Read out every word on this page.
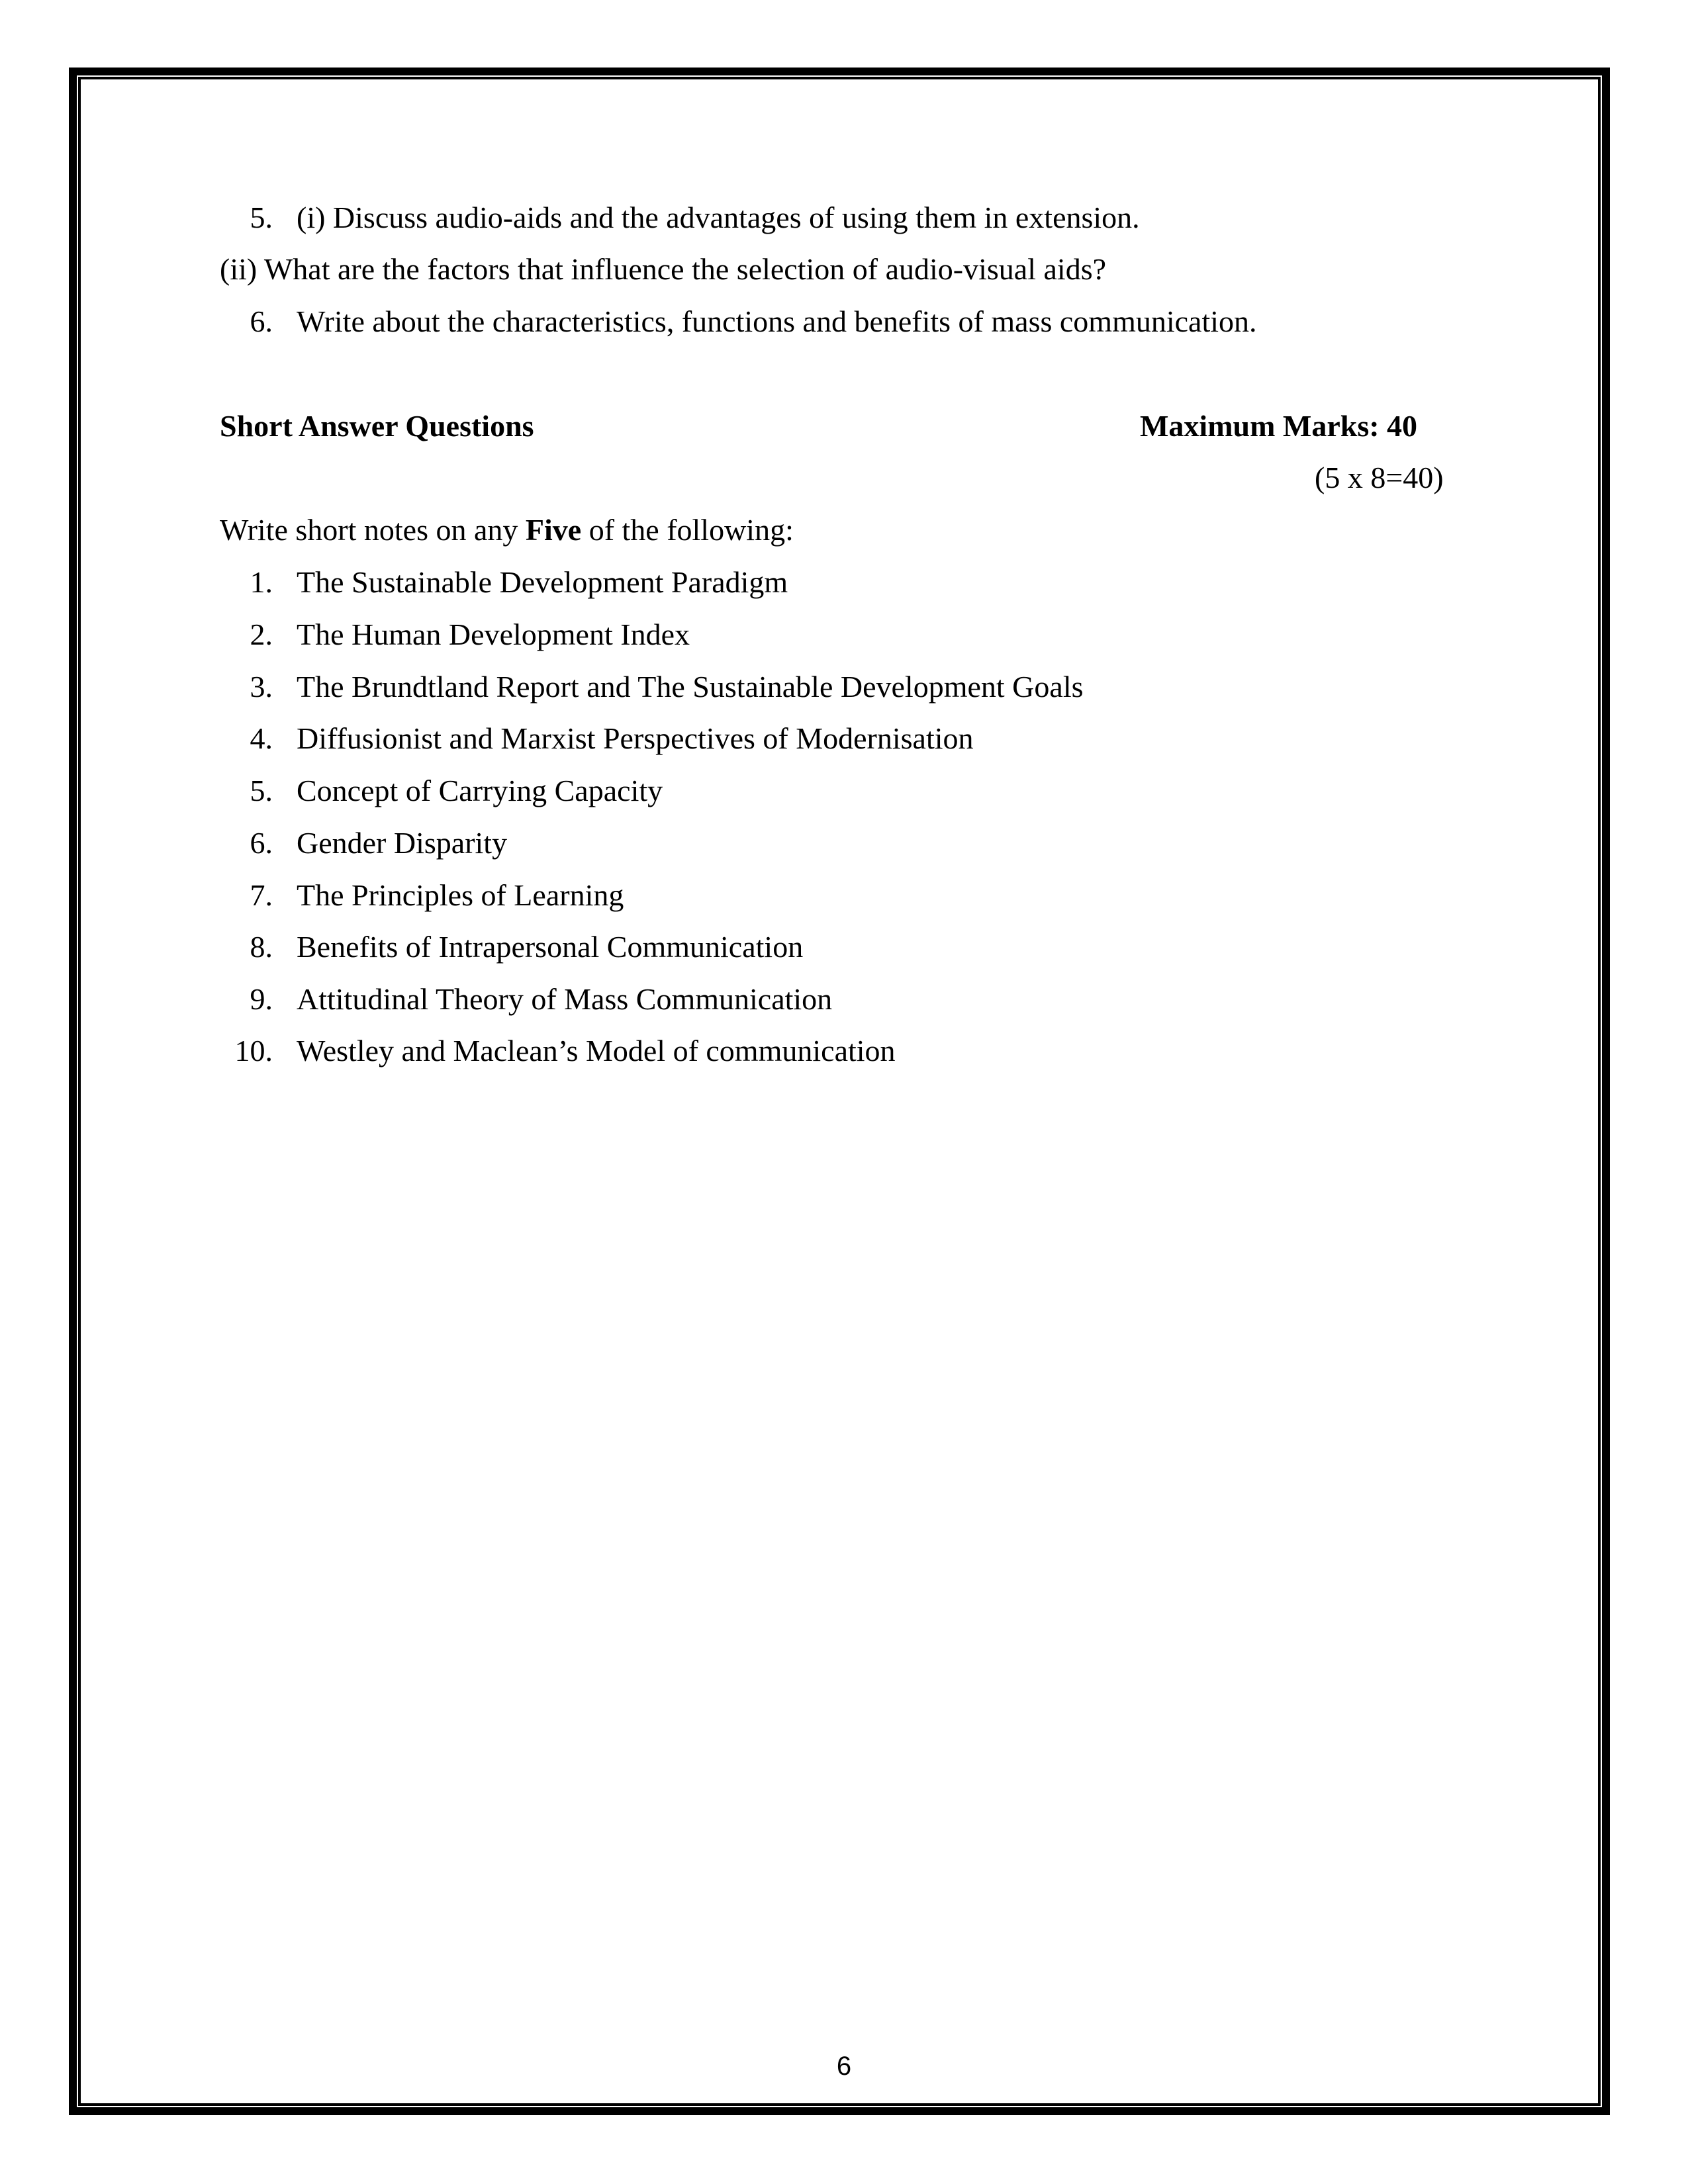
5. (i) Discuss audio-aids and the advantages of using them in extension.
(ii) What are the factors that influence the selection of audio-visual aids?
6. Write about the characteristics, functions and benefits of mass communication.
Short Answer Questions	Maximum Marks: 40
(5 x 8=40)
Write short notes on any Five of the following:
1. The Sustainable Development Paradigm
2. The Human Development Index
3. The Brundtland Report and The Sustainable Development Goals
4. Diffusionist and Marxist Perspectives of Modernisation
5. Concept of Carrying Capacity
6. Gender Disparity
7. The Principles of Learning
8. Benefits of Intrapersonal Communication
9. Attitudinal Theory of Mass Communication
10. Westley and Maclean’s Model of communication
6
